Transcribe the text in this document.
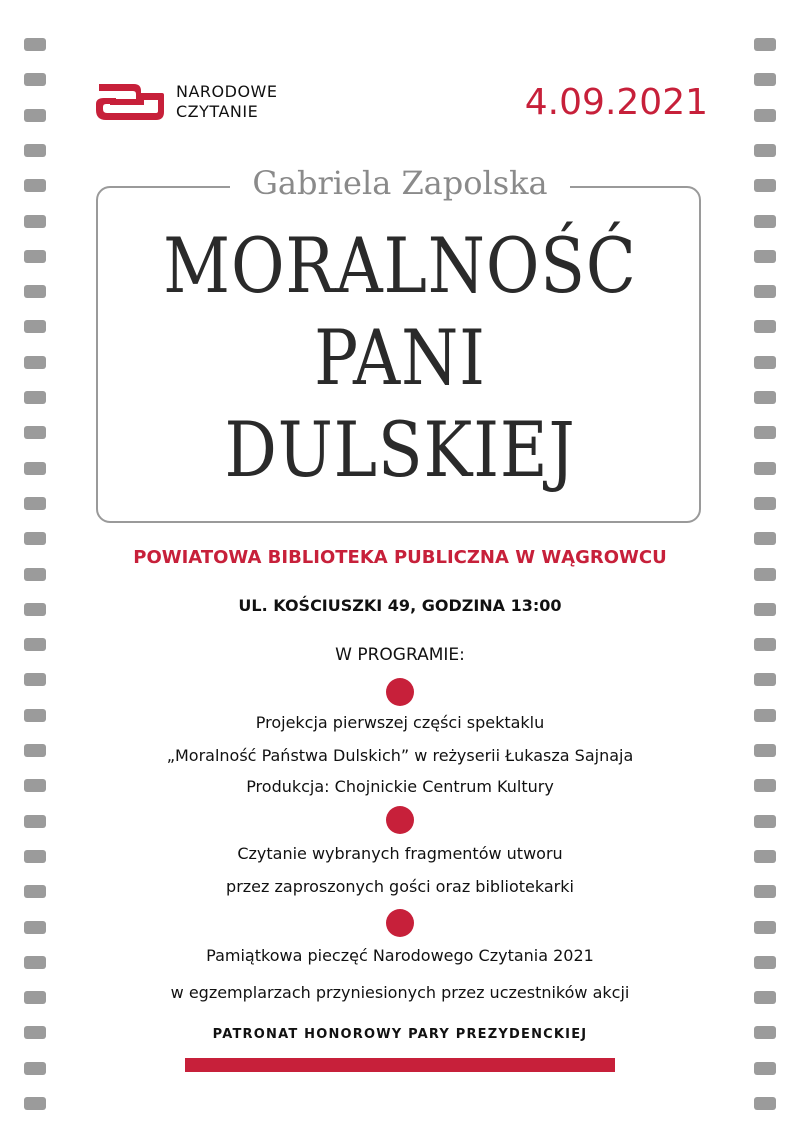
NARODOWE
CZYTANIE	4.09.2021
Gabriela Zapolska
MORALNOŚĆ
PANI
DULSKIEJ
POWIATOWA BIBLIOTEKA PUBLICZNA W WĄGROWCU
UL. KOŚCIUSZKI 49, GODZINA 13:00
W PROGRAMIE:
Projekcja pierwszej części spektaklu
„Moralność Państwa Dulskich” w reżyserii Łukasza Sajnaja
Produkcja: Chojnickie Centrum Kultury
Czytanie wybranych fragmentów utworu
przez zaproszonych gości oraz bibliotekarki
Pamiątkowa pieczęć Narodowego Czytania 2021
w egzemplarzach przyniesionych przez uczestników akcji
PATRONAT HONOROWY PARY PREZYDENCKIEJ
